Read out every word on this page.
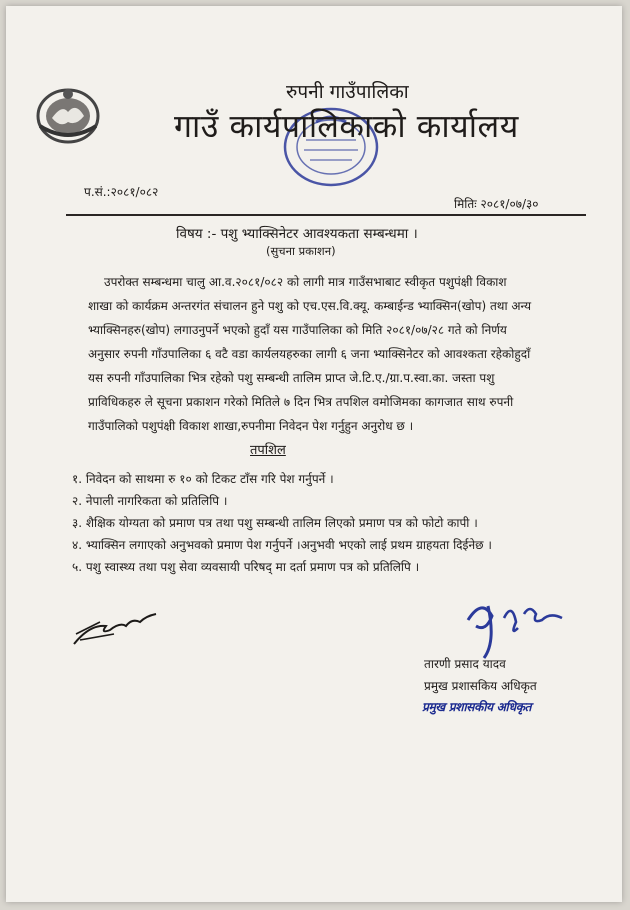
रुपनी गाउँपालिका
गाउँ कार्यपालिकाको कार्यालय
प.सं.:२०८१/०८२
मितिः २०८१/०७/३०
विषय :- पशु भ्याक्सिनेटर आवश्यकता सम्बन्धमा ।
(सुचना प्रकाशन)
उपरोक्त सम्बन्धमा चालु आ.व.२०८१/०८२ को लागी मात्र गाउँसभाबाट स्वीकृत पशुपंक्षी विकाश
शाखा को कार्यक्रम अन्तरगंत संचालन हुने पशु को एच.एस.वि.क्यू. कम्बाईन्ड भ्याक्सिन(खोप) तथा अन्य
भ्याक्सिनहरु(खोप) लगाउनुपर्ने भएको हुदाँ यस गाउँपालिका को मिति २०८१/०७/२८ गते को निर्णय
अनुसार रुपनी गाँउपालिका ६ वटै वडा कार्यलयहरुका लागी ६ जना भ्याक्सिनेटर को आवश्कता रहेकोहुदाँ
यस रुपनी गाँउपालिका भित्र रहेको पशु सम्बन्धी तालिम प्राप्त जे.टि.ए./ग्रा.प.स्वा.का. जस्ता पशु
प्राविधिकहरु ले सूचना प्रकाशन गरेको मितिले ७ दिन भित्र तपशिल वमोजिमका कागजात साथ रुपनी
गाउँपालिको पशुपंक्षी विकाश शाखा,रुपनीमा निवेदन पेश गर्नुहुन अनुरोध छ ।
तपशिल
१. निवेदन को साथमा रु १० को टिकट टाँस गरि पेश गर्नुपर्ने ।
२. नेपाली नागरिकता को प्रतिलिपि ।
३. शैक्षिक योग्यता को प्रमाण पत्र तथा पशु सम्बन्धी तालिम लिएको प्रमाण पत्र को फोटो कापी ।
४. भ्याक्सिन लगाएको अनुभवको प्रमाण पेश गर्नुपर्ने ।अनुभवी भएको लाई प्रथम ग्राहयता दिईनेछ ।
५. पशु स्वास्थ्य तथा पशु सेवा व्यवसायी परिषद् मा दर्ता प्रमाण पत्र को प्रतिलिपि ।
तारणी प्रसाद यादव
प्रमुख प्रशासकिय अधिकृत
प्रमुख प्रशासकीय अधिकृत
